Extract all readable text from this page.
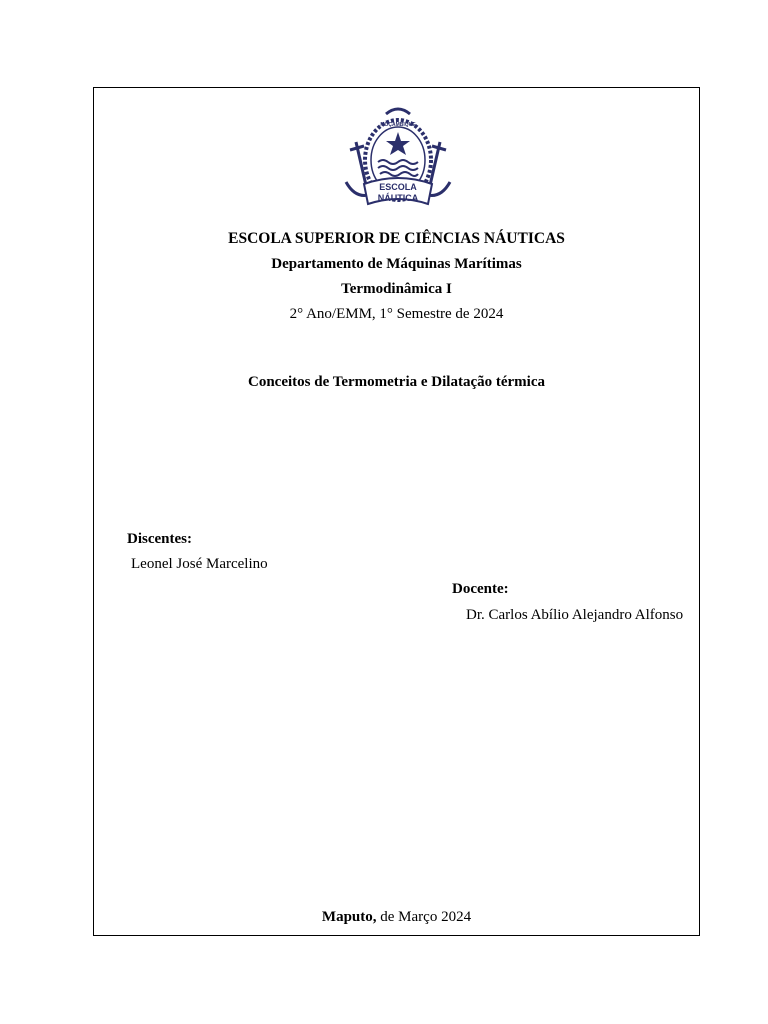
ESCOLA
NÁUTICA
MOÇAMBIQUE
ESCOLA SUPERIOR DE CIÊNCIAS NÁUTICAS
Departamento de Máquinas Marítimas
Termodinâmica I
2° Ano/EMM, 1° Semestre de 2024
Conceitos de Termometria e Dilatação térmica
Discentes:
Leonel José Marcelino
Docente:
Dr. Carlos Abílio Alejandro Alfonso
Maputo, de Março 2024
